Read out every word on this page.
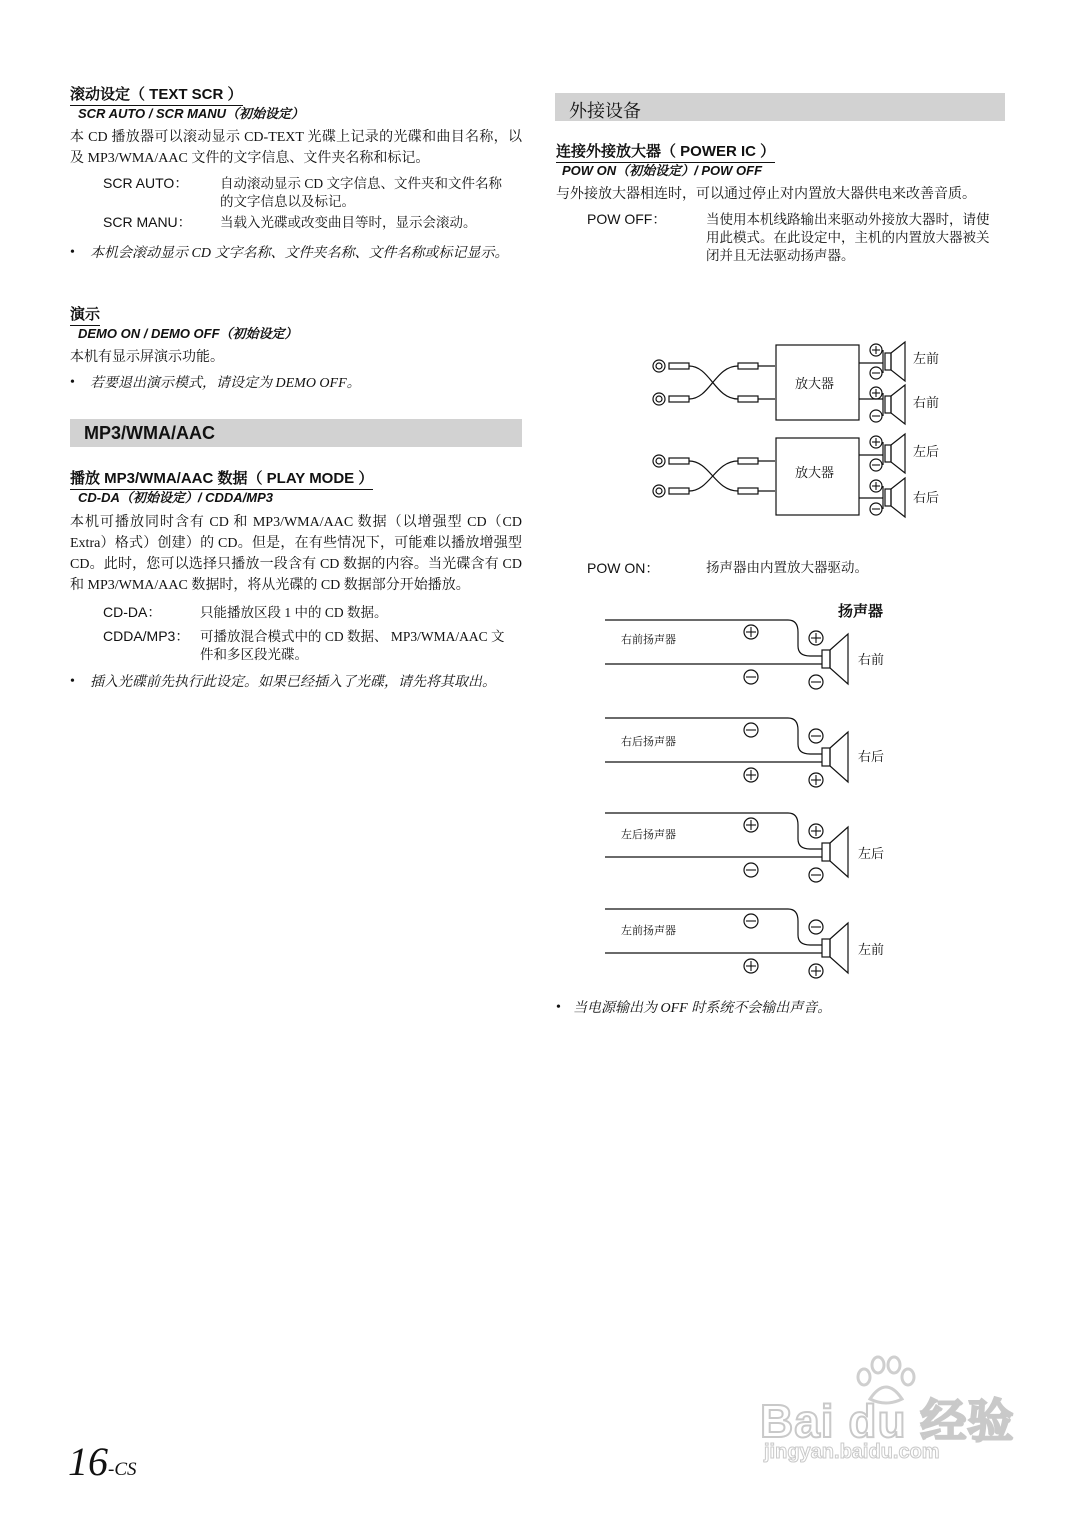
滚动设定（ TEXT SCR ）
SCR AUTO / SCR MANU（初始设定）
本 CD 播放器可以滚动显示 CD-TEXT 光碟上记录的光碟和曲目名称，以及 MP3/WMA/AAC 文件的文字信息、文件夹名称和标记。
SCR AUTO： 自动滚动显示 CD 文字信息、文件夹和文件名称的文字信息以及标记。
SCR MANU： 当载入光碟或改变曲目等时，显示会滚动。
• 本机会滚动显示 CD 文字名称、文件夹名称、文件名称或标记显示。
演示
DEMO ON / DEMO OFF（初始设定）
本机有显示屏演示功能。
• 若要退出演示模式，请设定为 DEMO OFF。
MP3/WMA/AAC
播放 MP3/WMA/AAC 数据（ PLAY MODE ）
CD-DA（初始设定）/ CDDA/MP3
本机可播放同时含有 CD 和 MP3/WMA/AAC 数据（以增强型 CD（CD Extra）格式）创建）的 CD。但是，在有些情况下，可能难以播放增强型 CD。此时，您可以选择只播放一段含有 CD 数据的内容。当光碟含有 CD 和 MP3/WMA/AAC 数据时，将从光碟的 CD 数据部分开始播放。
CD-DA：	只能播放区段 1 中的 CD 数据。
CDDA/MP3： 可播放混合模式中的 CD 数据、 MP3/WMA/AAC 文件和多区段光碟。
• 插入光碟前先执行此设定。如果已经插入了光碟，请先将其取出。
外接设备
连接外接放大器（ POWER IC ）
POW ON（初始设定）/ POW OFF
与外接放大器相连时，可以通过停止对内置放大器供电来改善音质。
POW OFF：	当使用本机线路输出来驱动外接放大器时，请使用此模式。在此设定中，主机的内置放大器被关闭并且无法驱动扬声器。
放大器
放大器
左前
右前
左后
右后
POW ON：	扬声器由内置放大器驱动。
扬声器
右前扬声器
右前
右后扬声器
右后
左后扬声器
左后
左前扬声器
左前
• 当电源输出为 OFF 时系统不会输出声音。
16-CS
Bai du 经验
jingyan.baidu.com
